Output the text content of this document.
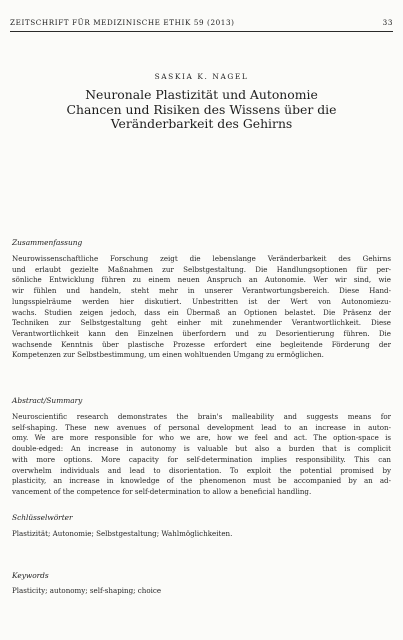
ZEITSCHRIFT FÜR MEDIZINISCHE ETHIK 59 (2013)	33
SASKIA K. NAGEL
Neuronale Plastizität und Autonomie
Chancen und Risiken des Wissens über die
Veränderbarkeit des Gehirns
Zusammenfassung
Neurowissenschaftliche Forschung zeigt die lebenslange Veränderbarkeit des Gehirns
und erlaubt gezielte Maßnahmen zur Selbstgestaltung. Die Handlungsoptionen für per-
sönliche Entwicklung führen zu einem neuen Anspruch an Autonomie. Wer wir sind, wie
wir fühlen und handeln, steht mehr in unserer Verantwortungsbereich. Diese Hand-
lungsspielräume werden hier diskutiert. Unbestritten ist der Wert von Autonomiezu-
wachs. Studien zeigen jedoch, dass ein Übermaß an Optionen belastet. Die Präsenz der
Techniken zur Selbstgestaltung geht einher mit zunehmender Verantwortlichkeit. Diese
Verantwortlichkeit kann den Einzelnen überfordern und zu Desorientierung führen. Die
wachsende Kenntnis über plastische Prozesse erfordert eine begleitende Förderung der
Kompetenzen zur Selbstbestimmung, um einen wohltuenden Umgang zu ermöglichen.
Abstract/Summary
Neuroscientific research demonstrates the brain's malleability and suggests means for
self-shaping. These new avenues of personal development lead to an increase in auton-
omy. We are more responsible for who we are, how we feel and act. The option-space is
double-edged: An increase in autonomy is valuable but also a burden that is complicit
with more options. More capacity for self-determination implies responsibility. This can
overwhelm individuals and lead to disorientation. To exploit the potential promised by
plasticity, an increase in knowledge of the phenomenon must be accompanied by an ad-
vancement of the competence for self-determination to allow a beneficial handling.
Schlüsselwörter
Plastizität; Autonomie; Selbstgestaltung; Wahlmöglichkeiten.
Keywords
Plasticity; autonomy; self-shaping; choice
